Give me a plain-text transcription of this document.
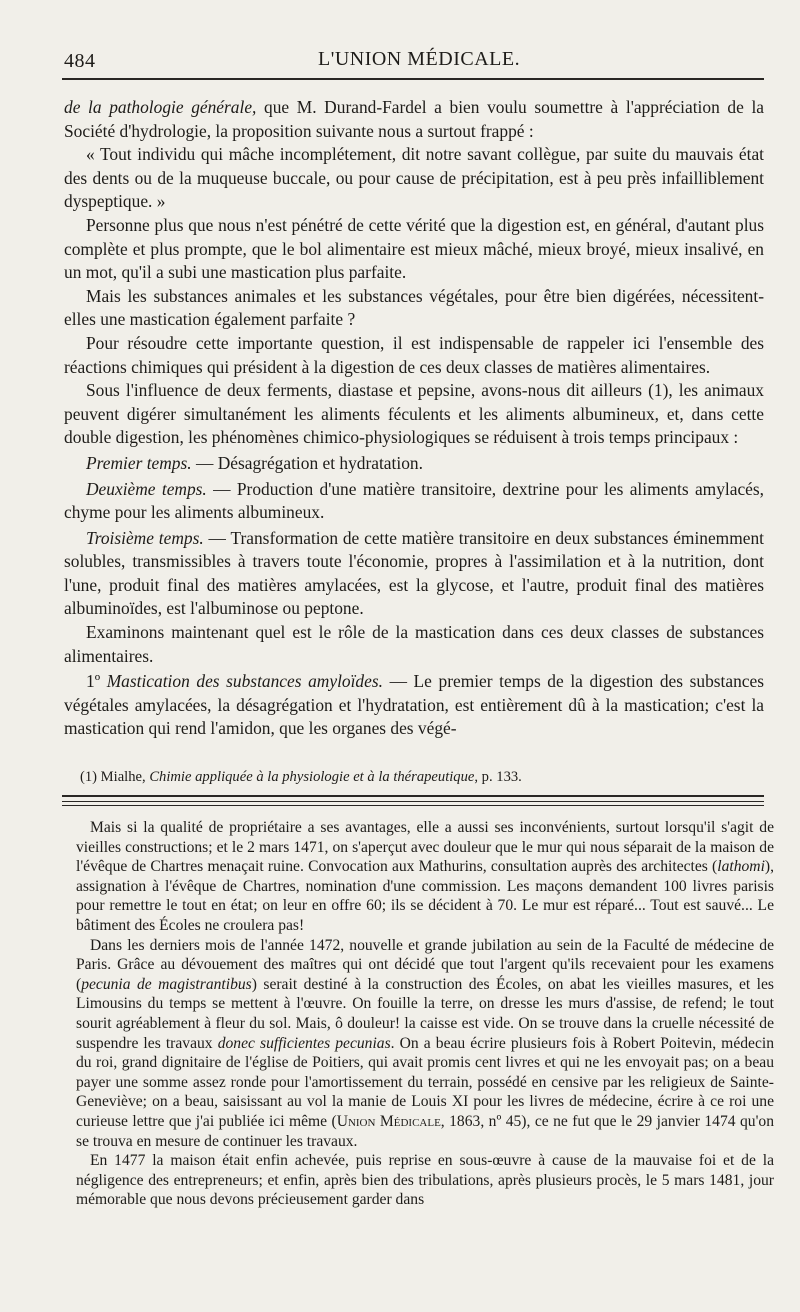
484	L'UNION MÉDICALE.

de la pathologie générale, que M. Durand-Fardel a bien voulu soumettre à l'appréciation de la Société d'hydrologie, la proposition suivante nous a surtout frappé :

« Tout individu qui mâche incomplétement, dit notre savant collègue, par suite du mauvais état des dents ou de la muqueuse buccale, ou pour cause de précipitation, est à peu près infailliblement dyspeptique. »

Personne plus que nous n'est pénétré de cette vérité que la digestion est, en général, d'autant plus complète et plus prompte, que le bol alimentaire est mieux mâché, mieux broyé, mieux insalivé, en un mot, qu'il a subi une mastication plus parfaite.

Mais les substances animales et les substances végétales, pour être bien digérées, nécessitent-elles une mastication également parfaite ?

Pour résoudre cette importante question, il est indispensable de rappeler ici l'ensemble des réactions chimiques qui président à la digestion de ces deux classes de matières alimentaires.

Sous l'influence de deux ferments, diastase et pepsine, avons-nous dit ailleurs (1), les animaux peuvent digérer simultanément les aliments féculents et les aliments albumineux, et, dans cette double digestion, les phénomènes chimico-physiologiques se réduisent à trois temps principaux :

Premier temps. — Désagrégation et hydratation.

Deuxième temps. — Production d'une matière transitoire, dextrine pour les aliments amylacés, chyme pour les aliments albumineux.

Troisième temps. — Transformation de cette matière transitoire en deux substances éminemment solubles, transmissibles à travers toute l'économie, propres à l'assimilation et à la nutrition, dont l'une, produit final des matières amylacées, est la glycose, et l'autre, produit final des matières albuminoïdes, est l'albuminose ou peptone.

Examinons maintenant quel est le rôle de la mastication dans ces deux classes de substances alimentaires.

1º Mastication des substances amyloïdes. — Le premier temps de la digestion des substances végétales amylacées, la désagrégation et l'hydratation, est entièrement dû à la mastication; c'est la mastication qui rend l'amidon, que les organes des végé-

(1) Mialhe, Chimie appliquée à la physiologie et à la thérapeutique, p. 133.

Mais si la qualité de propriétaire a ses avantages, elle a aussi ses inconvénients, surtout lorsqu'il s'agit de vieilles constructions; et le 2 mars 1471, on s'aperçut avec douleur que le mur qui nous séparait de la maison de l'évêque de Chartres menaçait ruine. Convocation aux Mathurins, consultation auprès des architectes (lathomi), assignation à l'évêque de Chartres, nomination d'une commission. Les maçons demandent 100 livres parisis pour remettre le tout en état; on leur en offre 60; ils se décident à 70. Le mur est réparé... Tout est sauvé... Le bâtiment des Écoles ne croulera pas!

Dans les derniers mois de l'année 1472, nouvelle et grande jubilation au sein de la Faculté de médecine de Paris. Grâce au dévouement des maîtres qui ont décidé que tout l'argent qu'ils recevaient pour les examens (pecunia de magistrantibus) serait destiné à la construction des Écoles, on abat les vieilles masures, et les Limousins du temps se mettent à l'œuvre. On fouille la terre, on dresse les murs d'assise, de refend; le tout sourit agréablement à fleur du sol. Mais, ô douleur! la caisse est vide. On se trouve dans la cruelle nécessité de suspendre les travaux donec sufficientes pecunias. On a beau écrire plusieurs fois à Robert Poitevin, médecin du roi, grand dignitaire de l'église de Poitiers, qui avait promis cent livres et qui ne les envoyait pas; on a beau payer une somme assez ronde pour l'amortissement du terrain, possédé en censive par les religieux de Sainte-Geneviève; on a beau, saisissant au vol la manie de Louis XI pour les livres de médecine, écrire à ce roi une curieuse lettre que j'ai publiée ici même (Union Médicale, 1863, nº 45), ce ne fut que le 29 janvier 1474 qu'on se trouva en mesure de continuer les travaux.

En 1477 la maison était enfin achevée, puis reprise en sous-œuvre à cause de la mauvaise foi et de la négligence des entrepreneurs; et enfin, après bien des tribulations, après plusieurs procès, le 5 mars 1481, jour mémorable que nous devons précieusement garder dans
